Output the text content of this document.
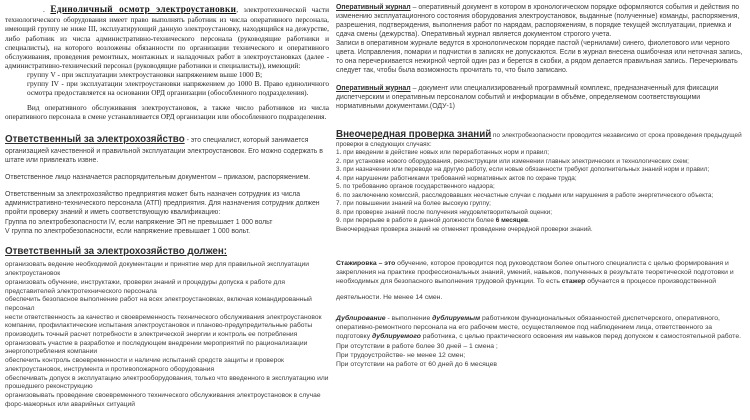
. Единоличный осмотр электроустановки, электротехнической части технологического оборудования имеет право выполнять работник из числа оперативного персонала, имеющий группу не ниже III, эксплуатирующий данную электроустановку, находящийся на дежурстве, либо работник из числа административно-технического персонала (руководящие работники и специалисты), на которого возложены обязанности по организации технического и оперативного обслуживания, проведения ремонтных, монтажных и наладочных работ в электроустановках (далее - административно-технический персонал (руководящие работники и специалисты)), имеющий:

группу V - при эксплуатации электроустановки напряжением выше 1000 В;

группу IV - при эксплуатации электроустановки напряжением до 1000 В. Право единоличного осмотра предоставляется на основании ОРД организации (обособленного подразделения).

Вид оперативного обслуживания электроустановок, а также число работников из числа оперативного персонала в смене устанавливается ОРД организации или обособленного подразделения.

Ответственный за электрохозяйство - это специалист, который занимается организацией качественной и правильной эксплуатации электроустановок. Его можно содержать в штате или привлекать извне.

Ответственное лицо назначается распорядительным документом – приказом, распоряжением.

Ответственным за электрохозяйство предприятия может быть назначен сотрудник из числа административно-технического персонала (АТП) предприятия. Для назначения сотрудник должен пройти проверку знаний и иметь соответствующую квалификацию:

Группа по электробезопасности IV, если напряжение ЭП не превышает 1 000 вольт

V группа по электробезопасности, если напряжение превышает 1 000 вольт.

Ответственный за электрохозяйство должен:

организовать ведение необходимой документации и принятие мер для правильной эксплуатации электроустановок

организовать обучение, инструктажи, проверки знаний и процедуры допуска к работе для представителей электротехнического персонала

обеспечить безопасное выполнение работ на всех электроустановках, включая командированный персонал

нести ответственность за качество и своевременность технического обслуживания электроустановок компании, профилактические испытания электроустановок и планово-предупредительные работы

производить точный расчет потребности в электрической энергии и контроль ее потребления

организовать участие в разработке и последующем внедрении мероприятий по рационализации энергопотребления компании

обеспечить контроль своевременности и наличие испытаний средств защиты и проверок электроустановок, инструмента и противопожарного оборудования

обеспечивать допуск в эксплуатацию электрооборудования, только что введенного в эксплуатацию или прошедшего реконструкцию

организовывать проведение своевременного технического обслуживания электроустановок в случае форс-мажорных или аварийных ситуаций

Оперативный журнал – оперативный документ в котором в хронологическом порядке оформляются события и действия по изменению эксплуатационного состояния оборудования электроустановок, выданные (полученные) команды, распоряжения, разрешения, подтверждения, выполнения работ по нарядам, распоряжениям, в порядке текущей эксплуатации, приемка и сдача смены (дежурства). Оперативный журнал является документом строгого учета.

Записи в оперативном журнале ведутся в хронологическом порядке пастой (чернилами) синего, фиолетового или черного цвета. Исправления, помарки и подчистки в записях не допускаются. Если в журнал внесена ошибочная или неточная запись, то она перечеркивается нежирной чертой один раз и берется в скобки, а рядом делается правильная запись. Перечеркивать следует так, чтобы была возможность прочитать то, что было записано.

Оперативный журнал – документ или специализированный программный комплекс, предназначенный для фиксации диспетчерским и оперативным персоналом событий и информации в объёме, определяемом соответствующими нормативными документами.(ОДУ-1)

Внеочередная проверка знаний по электробезопасности проводится независимо от срока проведения предыдущей проверки в следующих случаях:

1. при введении в действие новых или переработанных норм и правил;

2. при установке нового оборудования, реконструкции или изменении главных электрических и технологических схем;

3. при назначении или переводе на другую работу, если новые обязанности требуют дополнительных знаний норм и правил;

4. при нарушении работниками требований нормативных актов по охране труда;

5. по требованию органов государственного надзора;

6. по заключению комиссий, расследовавших несчастные случаи с людьми или нарушения в работе энергетического объекта;

7. при повышении знаний на более высокую группу;

8. при проверке знаний после получения неудовлетворительной оценки;

9. при перерыве в работе в данной должности более 6 месяцев.

Внеочередная проверка знаний не отменяет проведение очередной проверки знаний.

Стажировка – это обучение, которое проводится под руководством более опытного специалиста с целью формирования и закрепления на практике профессиональных знаний, умений, навыков, полученных в результате теоретической подготовки и необходимых для безопасного выполнения трудовой функции. То есть стажер обучается в процессе производственной

деятельности. Не менее 14 смен.

Дублирование - выполнение дублируемым работником функциональных обязанностей диспетчерского, оперативного, оперативно-ремонтного персонала на его рабочем месте, осуществляемое под наблюдением лица, ответственного за подготовку дублируемого работника, с целью практического освоения им навыков перед допуском к самостоятельной работе.

При отсутствии в работе более 30 дней – 1 смена ;

При трудоустройстве- не менее 12 смен;

При отсутствии на работе от 60 дней до 6 месяцев
